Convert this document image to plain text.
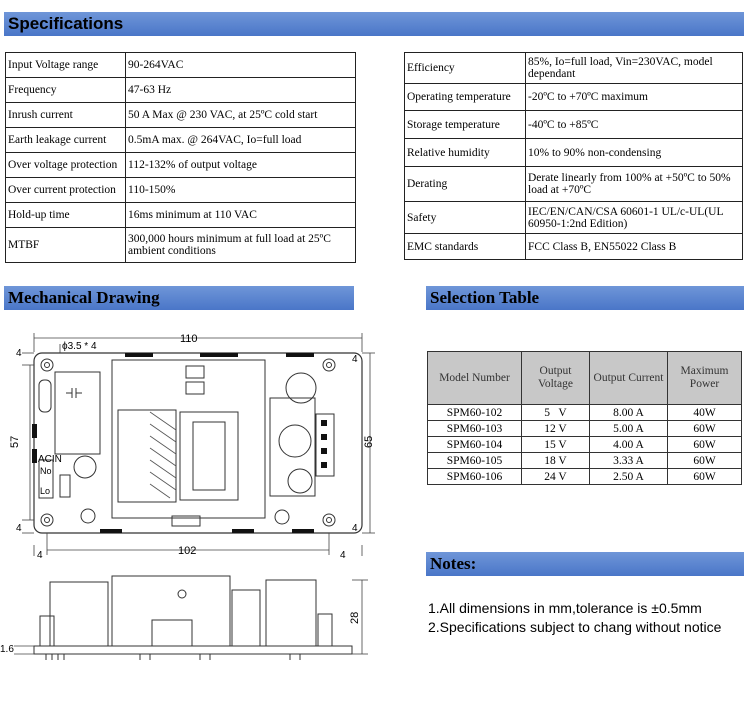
Specifications
Mechanical Drawing	Selection Table
Notes:
Input Voltage range	90-264VAC
Frequency	47-63 Hz
Inrush current	50 A Max @ 230 VAC, at 25ºC cold start
Earth leakage current	0.5mA max. @ 264VAC, Io=full load
Over voltage protection	112-132% of output voltage
Over current protection	110-150%
Hold-up time	16ms minimum at 110 VAC
MTBF	300,000 hours minimum at full load at 25ºC ambient conditions
Efficiency	85%, Io=full load, Vin=230VAC, model dependant
Operating temperature	-20ºC to +70ºC maximum
Storage temperature	-40ºC to +85ºC
Relative humidity	10% to 90% non-condensing
Derating	Derate linearly from 100% at +50ºC to 50% load at +70ºC
Safety	IEC/EN/CAN/CSA 60601-1 UL/c-UL(UL 60950-1:2nd Edition)
EMC standards	FCC Class B, EN55022 Class B
Model Number	Output Voltage	Output Current	Maximum Power
SPM60-102	5   V	8.00 A	40W
SPM60-103	12 V	5.00 A	60W
SPM60-104	15 V	4.00 A	60W
SPM60-105	18 V	3.33 A	60W
SPM60-106	24 V	2.50 A	60W
1.All dimensions in mm,tolerance is ±0.5mm
2.Specifications subject to chang without notice
110
ϕ3.5 * 4
ACIN
No
Lo
57	65
4
4
4	4
102
4	4
28
1.6
